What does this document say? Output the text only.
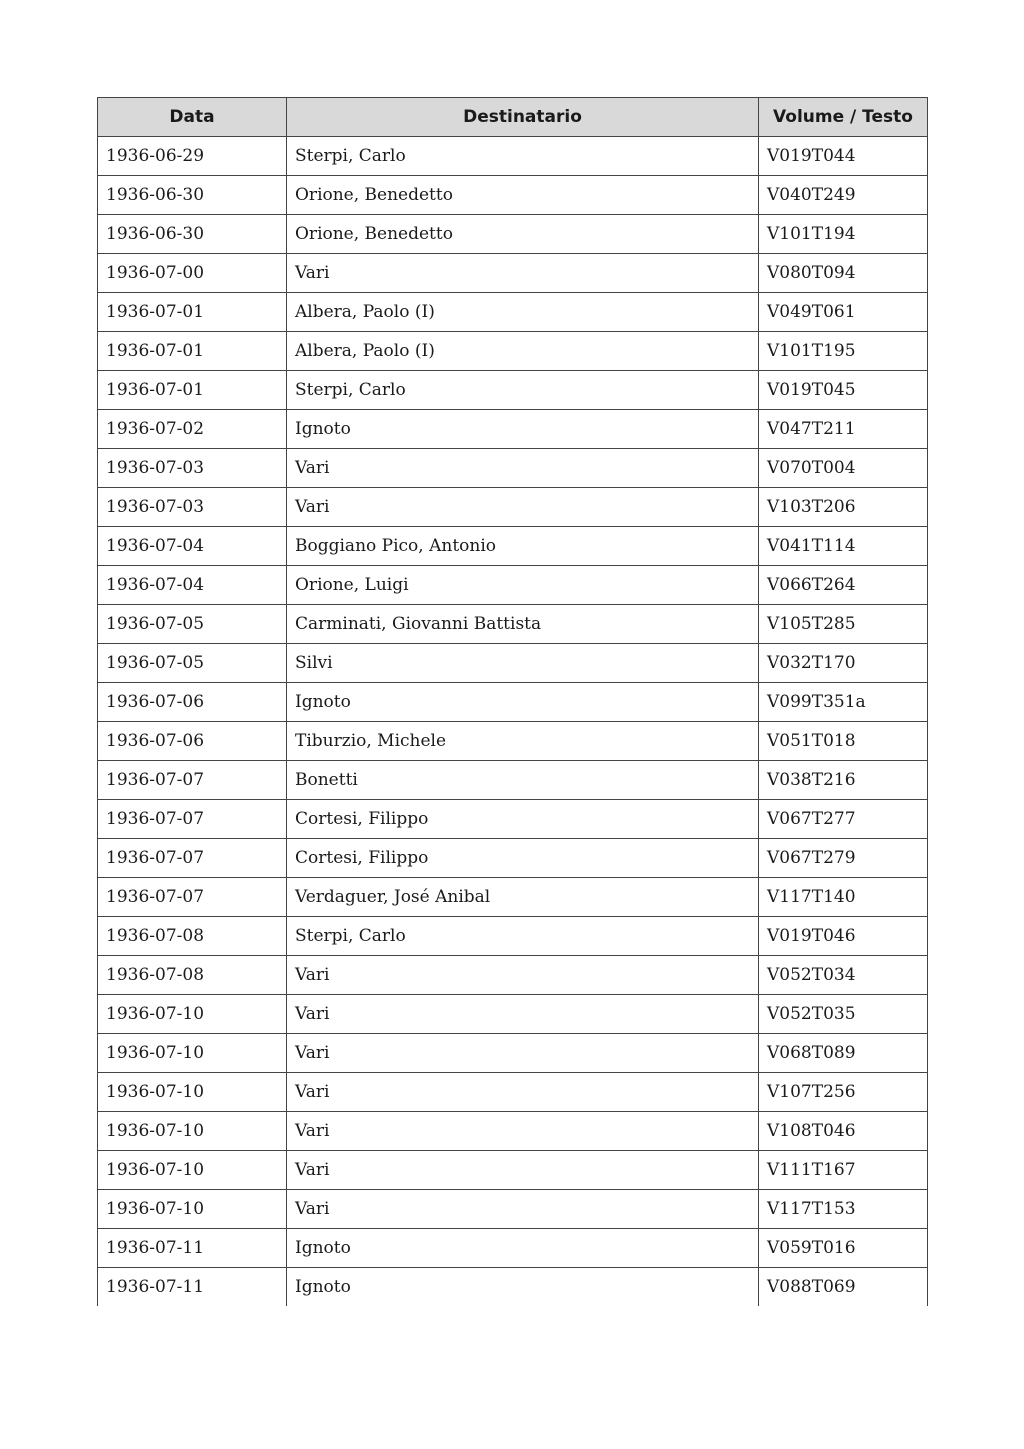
Data	Destinatario	Volume / Testo
1936-06-29	Sterpi, Carlo	V019T044
1936-06-30	Orione, Benedetto	V040T249
1936-06-30	Orione, Benedetto	V101T194
1936-07-00	Vari	V080T094
1936-07-01	Albera, Paolo (I)	V049T061
1936-07-01	Albera, Paolo (I)	V101T195
1936-07-01	Sterpi, Carlo	V019T045
1936-07-02	Ignoto	V047T211
1936-07-03	Vari	V070T004
1936-07-03	Vari	V103T206
1936-07-04	Boggiano Pico, Antonio	V041T114
1936-07-04	Orione, Luigi	V066T264
1936-07-05	Carminati, Giovanni Battista	V105T285
1936-07-05	Silvi	V032T170
1936-07-06	Ignoto	V099T351a
1936-07-06	Tiburzio, Michele	V051T018
1936-07-07	Bonetti	V038T216
1936-07-07	Cortesi, Filippo	V067T277
1936-07-07	Cortesi, Filippo	V067T279
1936-07-07	Verdaguer, José Anibal	V117T140
1936-07-08	Sterpi, Carlo	V019T046
1936-07-08	Vari	V052T034
1936-07-10	Vari	V052T035
1936-07-10	Vari	V068T089
1936-07-10	Vari	V107T256
1936-07-10	Vari	V108T046
1936-07-10	Vari	V111T167
1936-07-10	Vari	V117T153
1936-07-11	Ignoto	V059T016
1936-07-11	Ignoto	V088T069
